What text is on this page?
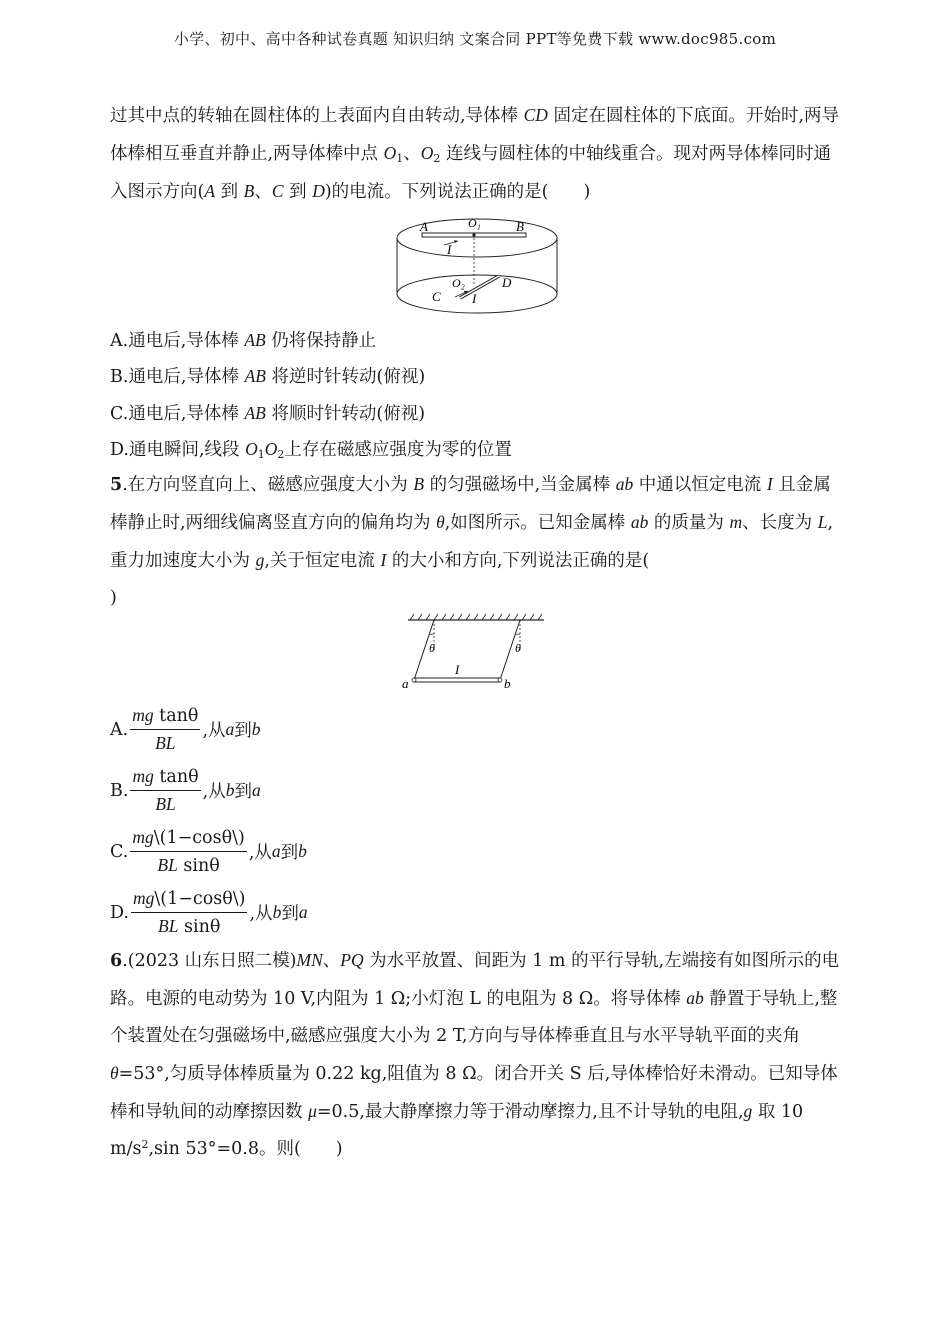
小学、初中、高中各种试卷真题 知识归纳 文案合同 PPT等免费下载 www.doc985.com
过其中点的转轴在圆柱体的上表面内自由转动,导体棒 CD 固定在圆柱体的下底面。开始时,两导体棒相互垂直并静止,两导体棒中点 $O_1$、$O_2$ 连线与圆柱体的中轴线重合。现对两导体棒同时通入图示方向(A 到 B、C 到 D)的电流。下列说法正确的是(　　)
A	O₁	B
I
O₂
C
D
I
A.通电后,导体棒 AB 仍将保持静止
B.通电后,导体棒 AB 将逆时针转动(俯视)
C.通电后,导体棒 AB 将顺时针转动(俯视)
D.通电瞬间,线段 $O_1O_2$上存在磁感应强度为零的位置
5.在方向竖直向上、磁感应强度大小为 B 的匀强磁场中,当金属棒 ab 中通以恒定电流 I 且金属棒静止时,两细线偏离竖直方向的偏角均为 θ,如图所示。已知金属棒 ab 的质量为 m、长度为 L,重力加速度大小为 g,关于恒定电流 I 的大小和方向,下列说法正确的是(
)
θ	θ
I
a	b
A. $\frac{\text{mg tanθ}}{BL}$ ,从 a 到 b
B. $\frac{\text{mg tanθ}}{BL}$ ,从 b 到 a
C. $\frac{mg\backslash(1-\cos\theta\backslash)}{\text{BL sinθ}}$ ,从 a 到 b
D. $\frac{mg\backslash(1-\cos\theta\backslash)}{\text{BL sinθ}}$ ,从 b 到 a
6.(2023 山东日照二模)MN、PQ 为水平放置、间距为 1 m 的平行导轨,左端接有如图所示的电路。电源的电动势为 10 V,内阻为 1 Ω;小灯泡 L 的电阻为 8 Ω。将导体棒 ab 静置于导轨上,整个装置处在匀强磁场中,磁感应强度大小为 2 T,方向与导体棒垂直且与水平导轨平面的夹角 θ=53°,匀质导体棒质量为 0.22 kg,阻值为 8 Ω。闭合开关 S 后,导体棒恰好未滑动。已知导体棒和导轨间的动摩擦因数 μ=0.5,最大静摩擦力等于滑动摩擦力,且不计导轨的电阻,g 取 10 $m/s^2,\sin$ 53°=0.8。则(　　)
